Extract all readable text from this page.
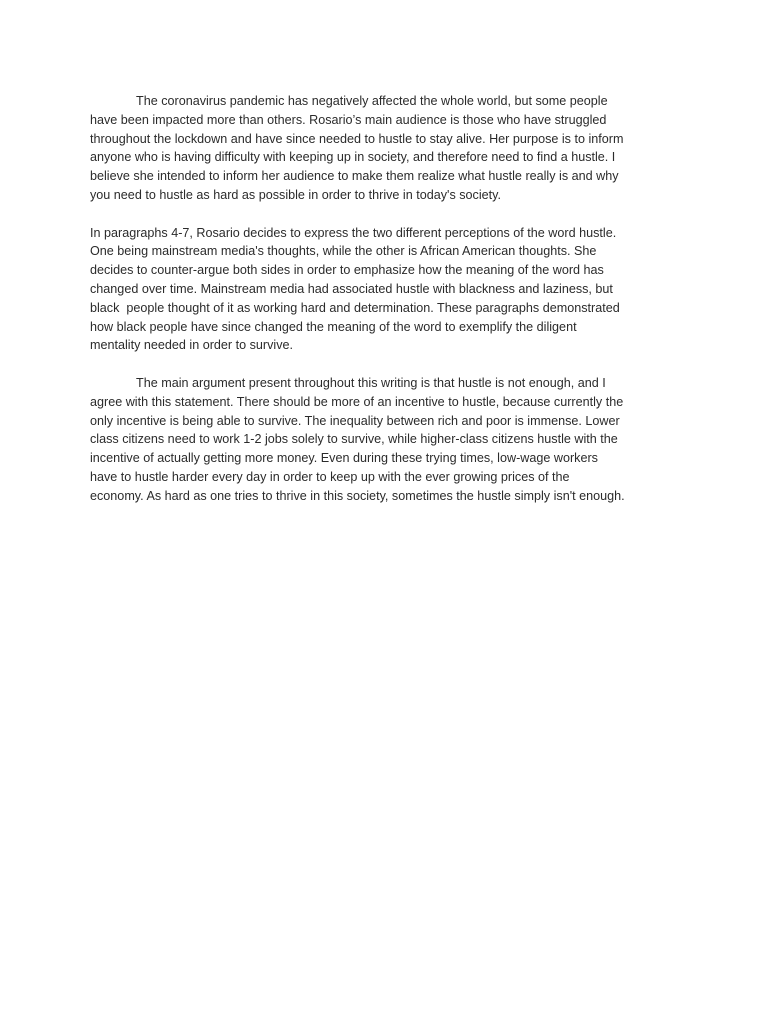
The coronavirus pandemic has negatively affected the whole world, but some people
have been impacted more than others. Rosario’s main audience is those who have struggled
throughout the lockdown and have since needed to hustle to stay alive. Her purpose is to inform
anyone who is having difficulty with keeping up in society, and therefore need to find a hustle. I
believe she intended to inform her audience to make them realize what hustle really is and why
you need to hustle as hard as possible in order to thrive in today's society.
In paragraphs 4-7, Rosario decides to express the two different perceptions of the word hustle.
One being mainstream media's thoughts, while the other is African American thoughts. She
decides to counter-argue both sides in order to emphasize how the meaning of the word has
changed over time. Mainstream media had associated hustle with blackness and laziness, but
black  people thought of it as working hard and determination. These paragraphs demonstrated
how black people have since changed the meaning of the word to exemplify the diligent
mentality needed in order to survive.
The main argument present throughout this writing is that hustle is not enough, and I
agree with this statement. There should be more of an incentive to hustle, because currently the
only incentive is being able to survive. The inequality between rich and poor is immense. Lower
class citizens need to work 1-2 jobs solely to survive, while higher-class citizens hustle with the
incentive of actually getting more money. Even during these trying times, low-wage workers
have to hustle harder every day in order to keep up with the ever growing prices of the
economy. As hard as one tries to thrive in this society, sometimes the hustle simply isn't enough.
